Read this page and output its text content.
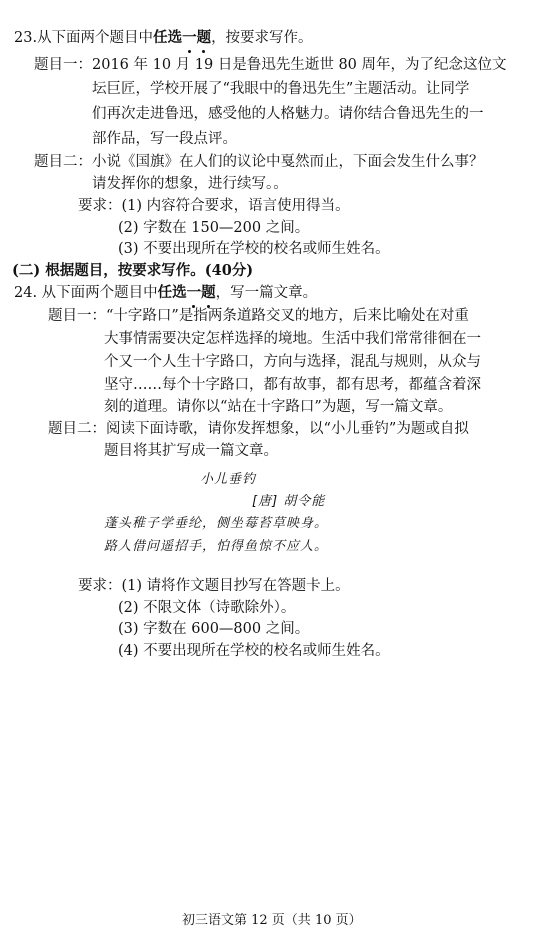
23.从下面两个题目中任选一题，按要求写作。
题目一：2016 年 10 月 19 日是鲁迅先生逝世 80 周年，为了纪念这位文
坛巨匠，学校开展了“我眼中的鲁迅先生”主题活动。让同学
们再次走进鲁迅，感受他的人格魅力。请你结合鲁迅先生的一
部作品，写一段点评。
题目二：小说《国旗》在人们的议论中戛然而止，下面会发生什么事？
请发挥你的想象，进行续写。。
要求：(1) 内容符合要求，语言使用得当。
(2) 字数在 150—200 之间。
(3) 不要出现所在学校的校名或师生姓名。
(二) 根据题目，按要求写作。(40分)
24. 从下面两个题目中任选一题，写一篇文章。
题目一：“十字路口”是指两条道路交叉的地方，后来比喻处在对重
大事情需要决定怎样选择的境地。生活中我们常常徘徊在一
个又一个人生十字路口，方向与选择，混乱与规则，从众与
坚守……每个十字路口，都有故事，都有思考，都蕴含着深
刻的道理。请你以“站在十字路口”为题，写一篇文章。
题目二：阅读下面诗歌，请你发挥想象，以“小儿垂钓”为题或自拟
题目将其扩写成一篇文章。
小儿垂钓
[唐] 胡令能
蓬头稚子学垂纶，侧坐莓苔草映身。
路人借问遥招手，怕得鱼惊不应人。
要求：(1) 请将作文题目抄写在答题卡上。
(2) 不限文体（诗歌除外）。
(3) 字数在 600—800 之间。
(4) 不要出现所在学校的校名或师生姓名。
初三语文第 12 页（共 10 页）
